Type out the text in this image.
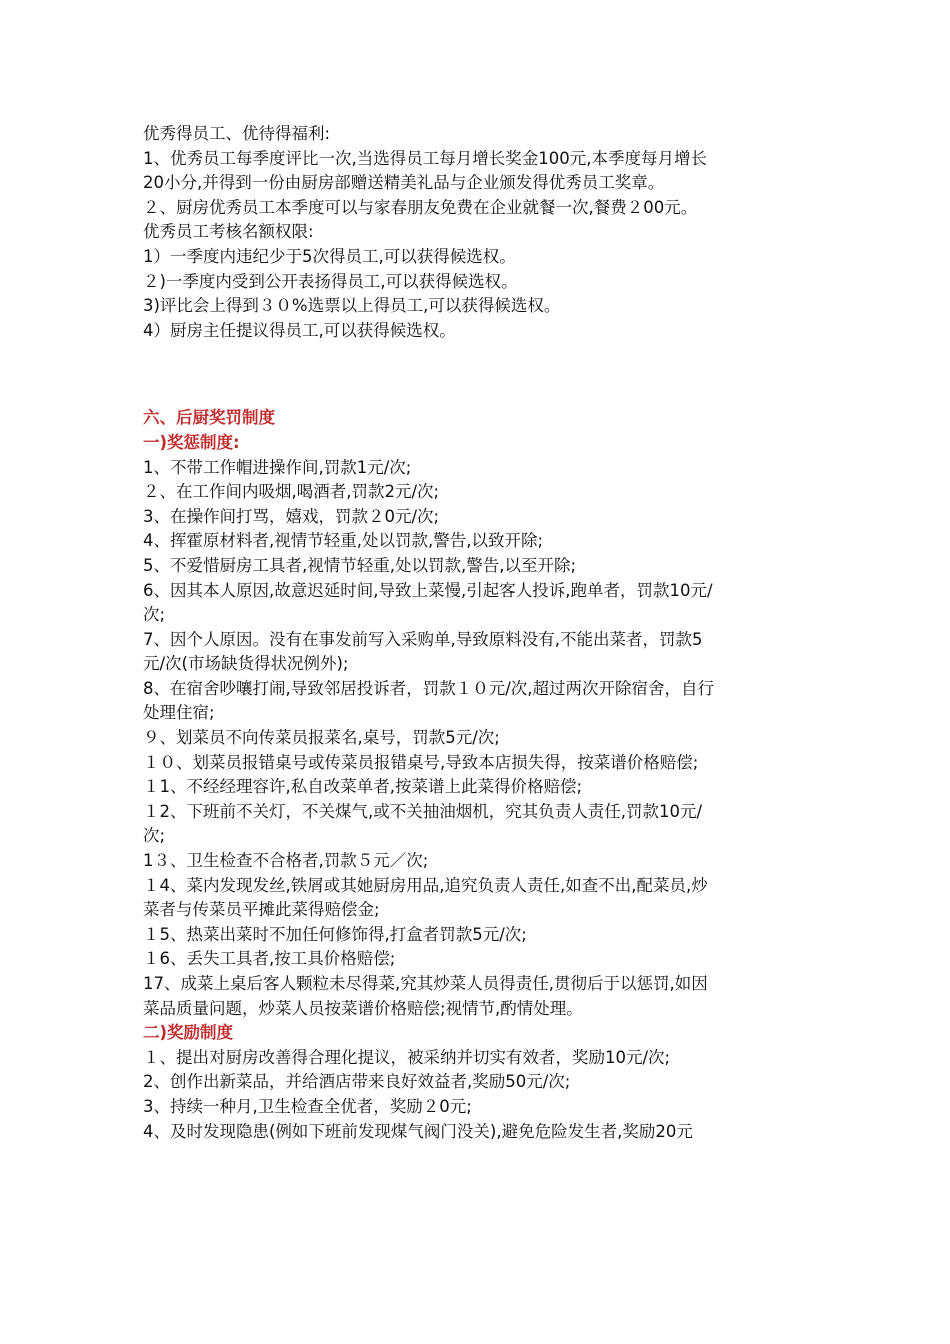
优秀得员工、优待得福利:

1、优秀员工每季度评比一次,当选得员工每月增长奖金100元,本季度每月增长

20小分,并得到一份由厨房部赠送精美礼品与企业颁发得优秀员工奖章。

２、厨房优秀员工本季度可以与家春朋友免费在企业就餐一次,餐费２00元。

优秀员工考核名额权限:

1）一季度内违纪少于5次得员工,可以获得候选权。

２)一季度内受到公开表扬得员工,可以获得候选权。

3)评比会上得到３０%选票以上得员工,可以获得候选权。

4）厨房主任提议得员工,可以获得候选权。

六、后厨奖罚制度

一)奖惩制度:

1、不带工作帽进操作间,罚款1元/次;

２、在工作间内吸烟,喝酒者,罚款2元/次;

3、在操作间打骂，嬉戏，罚款２0元/次;

4、挥霍原材料者,视情节轻重,处以罚款,警告,以致开除;

5、不爱惜厨房工具者,视情节轻重,处以罚款,警告,以至开除;

6、因其本人原因,故意迟延时间,导致上菜慢,引起客人投诉,跑单者，罚款10元/

次;

7、因个人原因。没有在事发前写入采购单,导致原料没有,不能出菜者，罚款5

元/次(市场缺货得状况例外);

8、在宿舍吵嚷打闹,导致邻居投诉者，罚款１０元/次,超过两次开除宿舍，自行

处理住宿;

９、划菜员不向传菜员报菜名,桌号，罚款5元/次;

１０、划菜员报错桌号或传菜员报错桌号,导致本店损失得，按菜谱价格赔偿;

１1、不经经理容许,私自改菜单者,按菜谱上此菜得价格赔偿;

１2、下班前不关灯，不关煤气,或不关抽油烟机，究其负责人责任,罚款10元/

次;

1３、卫生检查不合格者,罚款５元／次;

１4、菜内发现发丝,铁屑或其她厨房用品,追究负责人责任,如查不出,配菜员,炒

菜者与传菜员平摊此菜得赔偿金;

１5、热菜出菜时不加任何修饰得,打盒者罚款5元/次;

１6、丢失工具者,按工具价格赔偿;

17、成菜上桌后客人颗粒未尽得菜,究其炒菜人员得责任,贯彻后于以惩罚,如因

菜品质量问题，炒菜人员按菜谱价格赔偿;视情节,酌情处理。

二)奖励制度

１、提出对厨房改善得合理化提议，被采纳并切实有效者，奖励10元/次;

2、创作出新菜品，并给酒店带来良好效益者,奖励50元/次;

3、持续一种月,卫生检查全优者，奖励２0元;

4、及时发现隐患(例如下班前发现煤气阀门没关),避免危险发生者,奖励20元
